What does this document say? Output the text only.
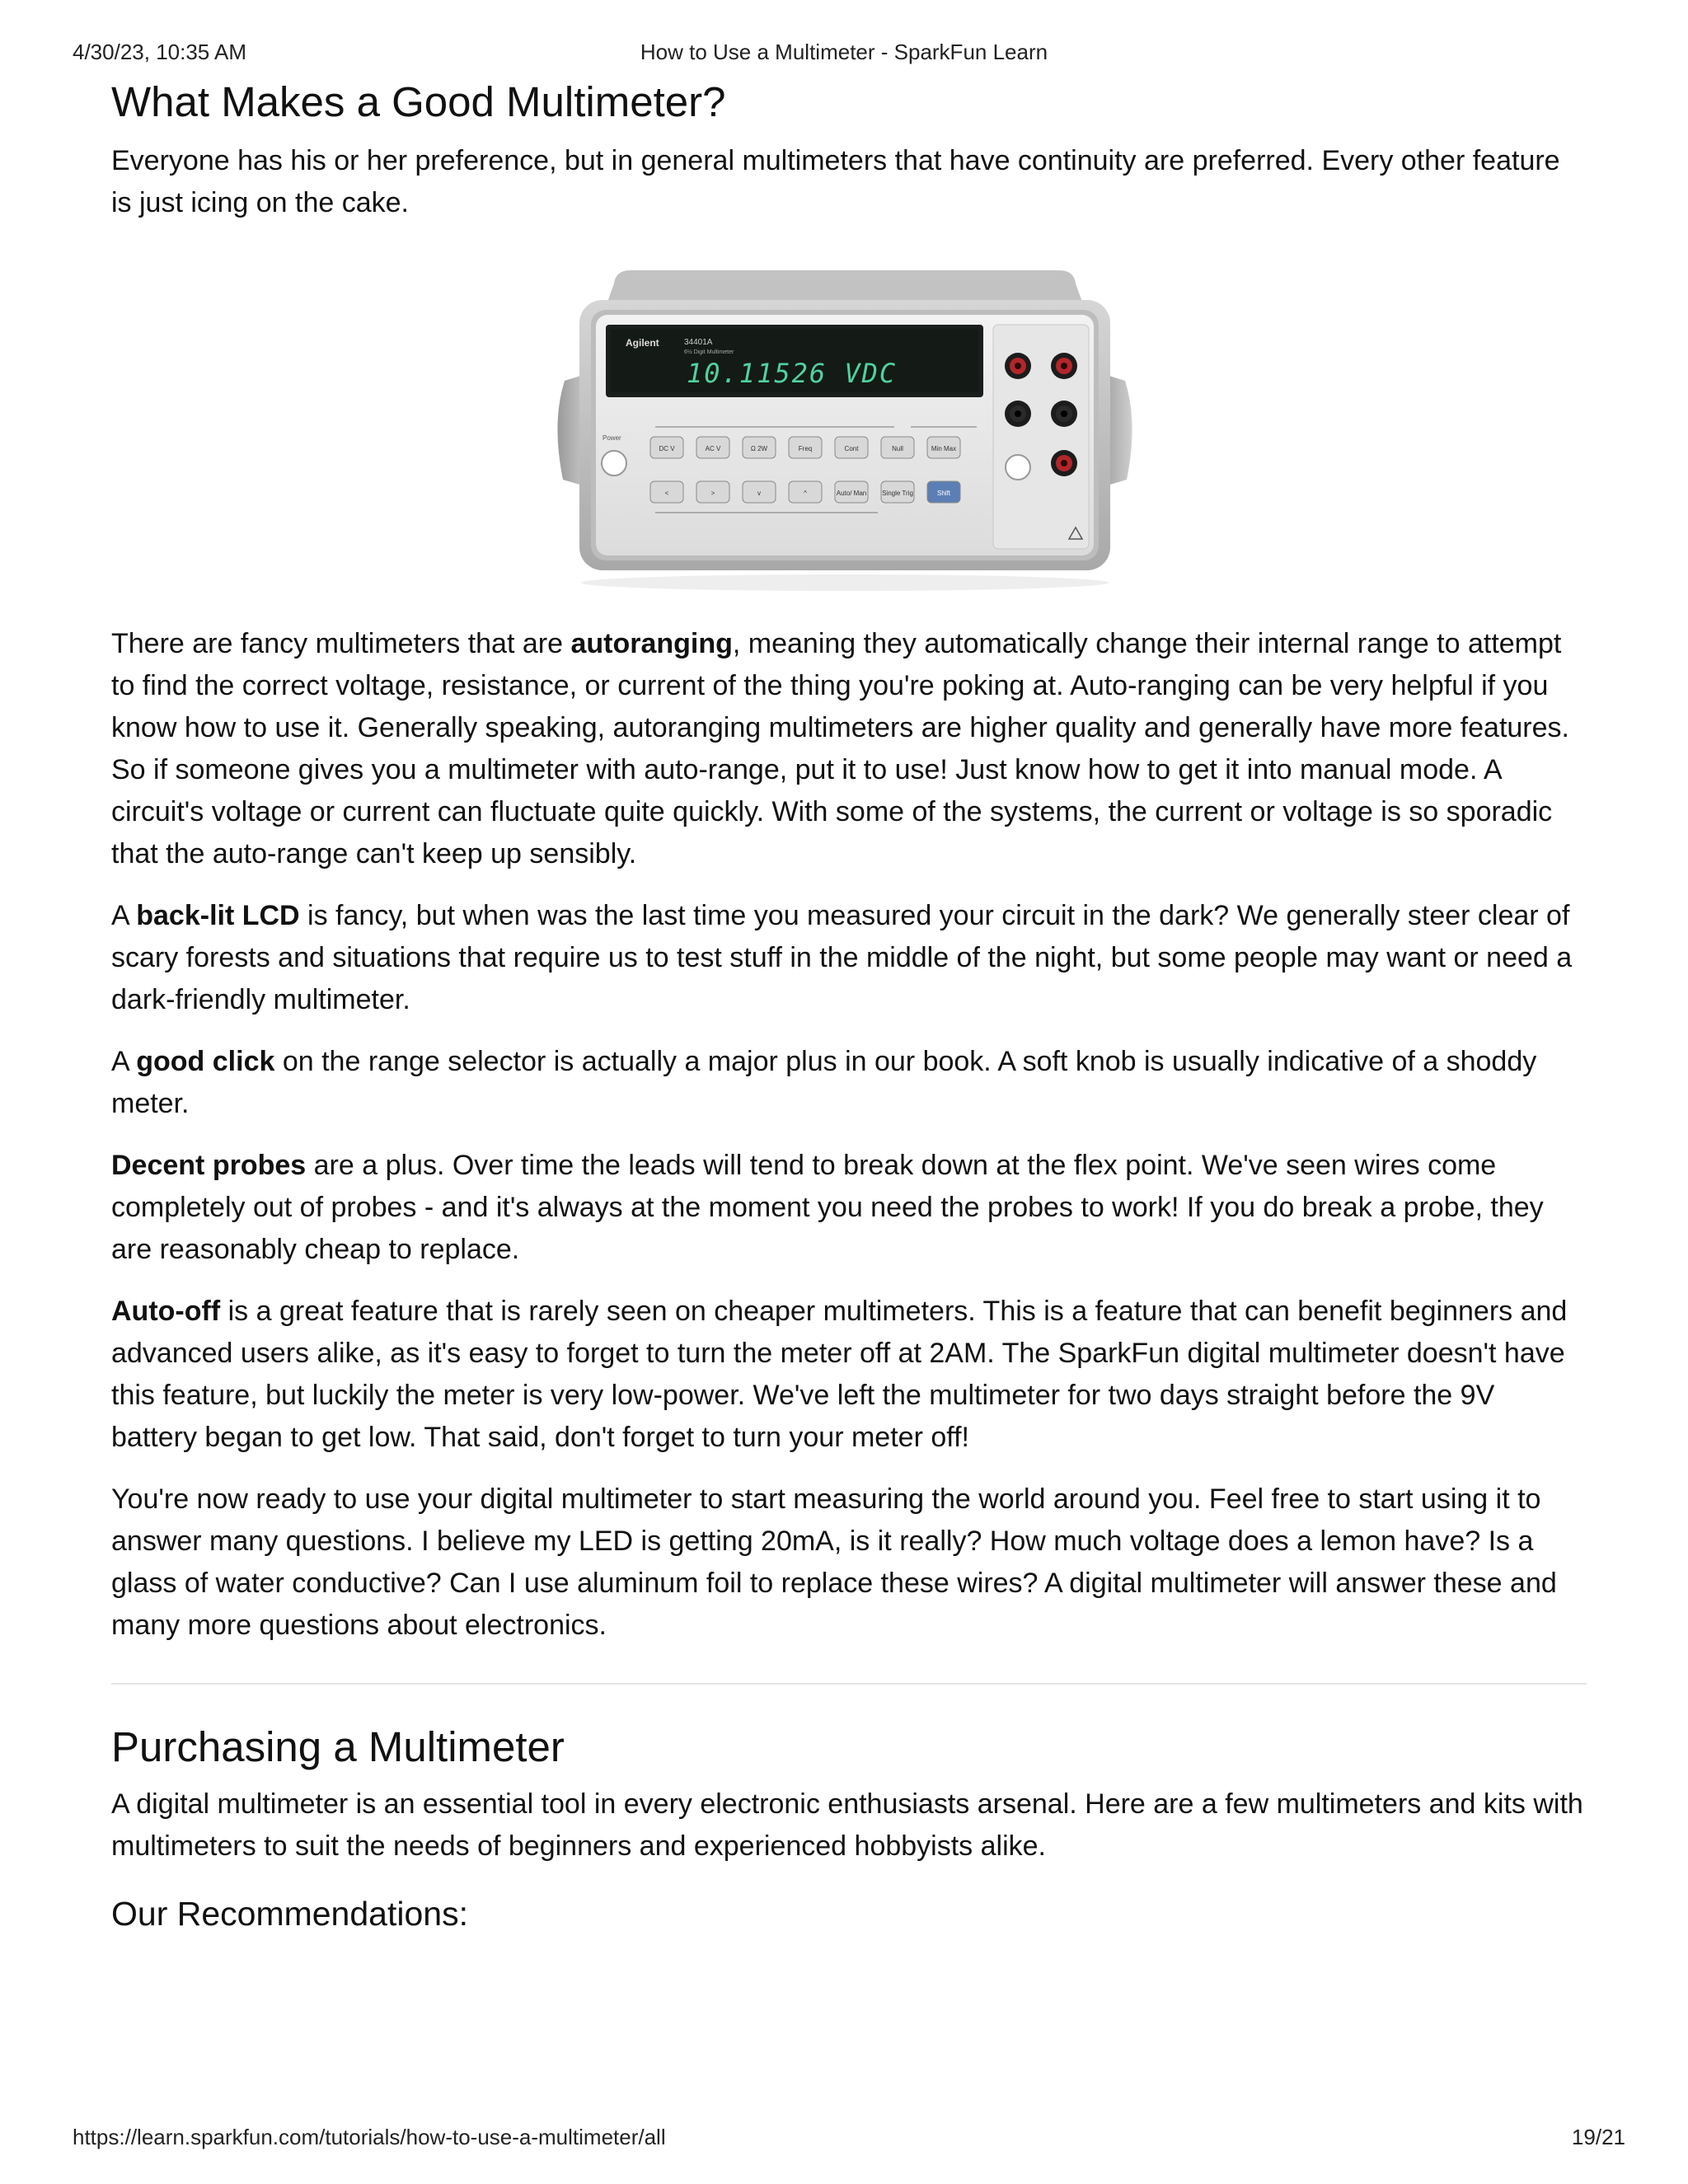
4/30/23, 10:35 AM	How to Use a Multimeter - SparkFun Learn
What Makes a Good Multimeter?

Everyone has his or her preference, but in general multimeters that have continuity are preferred. Every other feature is just icing on the cake.

Agilent	34401A
6½ Digit Multimeter
10.11526 VDC
Power
DC V	AC V	Ω 2W	Freq	Cont	Null	Min Max
<	>	v	^	Auto/ Man Single Trig	Shift

There are fancy multimeters that are autoranging, meaning they automatically change their internal range to attempt to find the correct voltage, resistance, or current of the thing you're poking at. Auto-ranging can be very helpful if you know how to use it. Generally speaking, autoranging multimeters are higher quality and generally have more features. So if someone gives you a multimeter with auto-range, put it to use! Just know how to get it into manual mode. A circuit's voltage or current can fluctuate quite quickly. With some of the systems, the current or voltage is so sporadic that the auto-range can't keep up sensibly.

A back-lit LCD is fancy, but when was the last time you measured your circuit in the dark? We generally steer clear of scary forests and situations that require us to test stuff in the middle of the night, but some people may want or need a dark-friendly multimeter.

A good click on the range selector is actually a major plus in our book. A soft knob is usually indicative of a shoddy meter.

Decent probes are a plus. Over time the leads will tend to break down at the flex point. We've seen wires come completely out of probes - and it's always at the moment you need the probes to work! If you do break a probe, they are reasonably cheap to replace.

Auto-off is a great feature that is rarely seen on cheaper multimeters. This is a feature that can benefit beginners and advanced users alike, as it's easy to forget to turn the meter off at 2AM. The SparkFun digital multimeter doesn't have this feature, but luckily the meter is very low-power. We've left the multimeter for two days straight before the 9V battery began to get low. That said, don't forget to turn your meter off!

You're now ready to use your digital multimeter to start measuring the world around you. Feel free to start using it to answer many questions. I believe my LED is getting 20mA, is it really? How much voltage does a lemon have? Is a glass of water conductive? Can I use aluminum foil to replace these wires? A digital multimeter will answer these and many more questions about electronics.

Purchasing a Multimeter

A digital multimeter is an essential tool in every electronic enthusiasts arsenal. Here are a few multimeters and kits with multimeters to suit the needs of beginners and experienced hobbyists alike.

Our Recommendations:
https://learn.sparkfun.com/tutorials/how-to-use-a-multimeter/all	19/21
